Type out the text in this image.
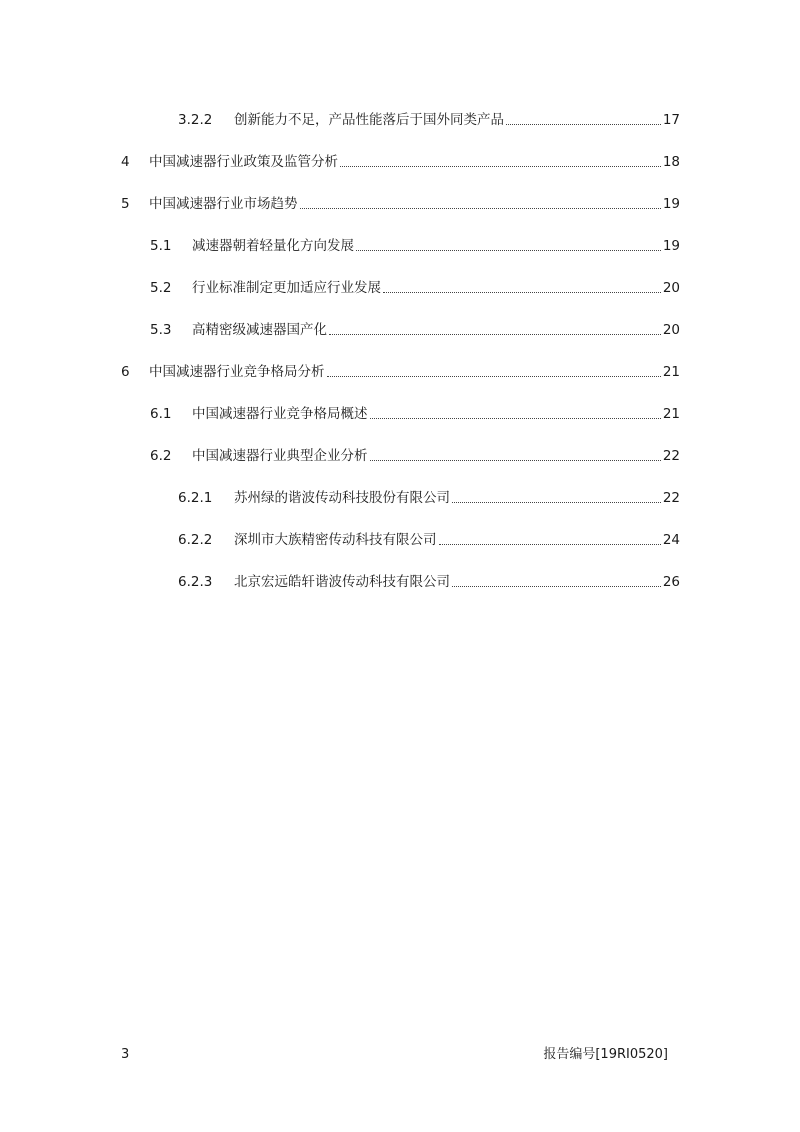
3.2.2	创新能力不足，产品性能落后于国外同类产品	17
4	中国减速器行业政策及监管分析	18
5	中国减速器行业市场趋势	19
5.1	减速器朝着轻量化方向发展	19
5.2	行业标准制定更加适应行业发展	20
5.3	高精密级减速器国产化	20
6	中国减速器行业竞争格局分析	21
6.1	中国减速器行业竞争格局概述	21
6.2	中国减速器行业典型企业分析	22
6.2.1	苏州绿的谐波传动科技股份有限公司	22
6.2.2	深圳市大族精密传动科技有限公司	24
6.2.3	北京宏远皓轩谐波传动科技有限公司	26
3	报告编号[19RI0520]
